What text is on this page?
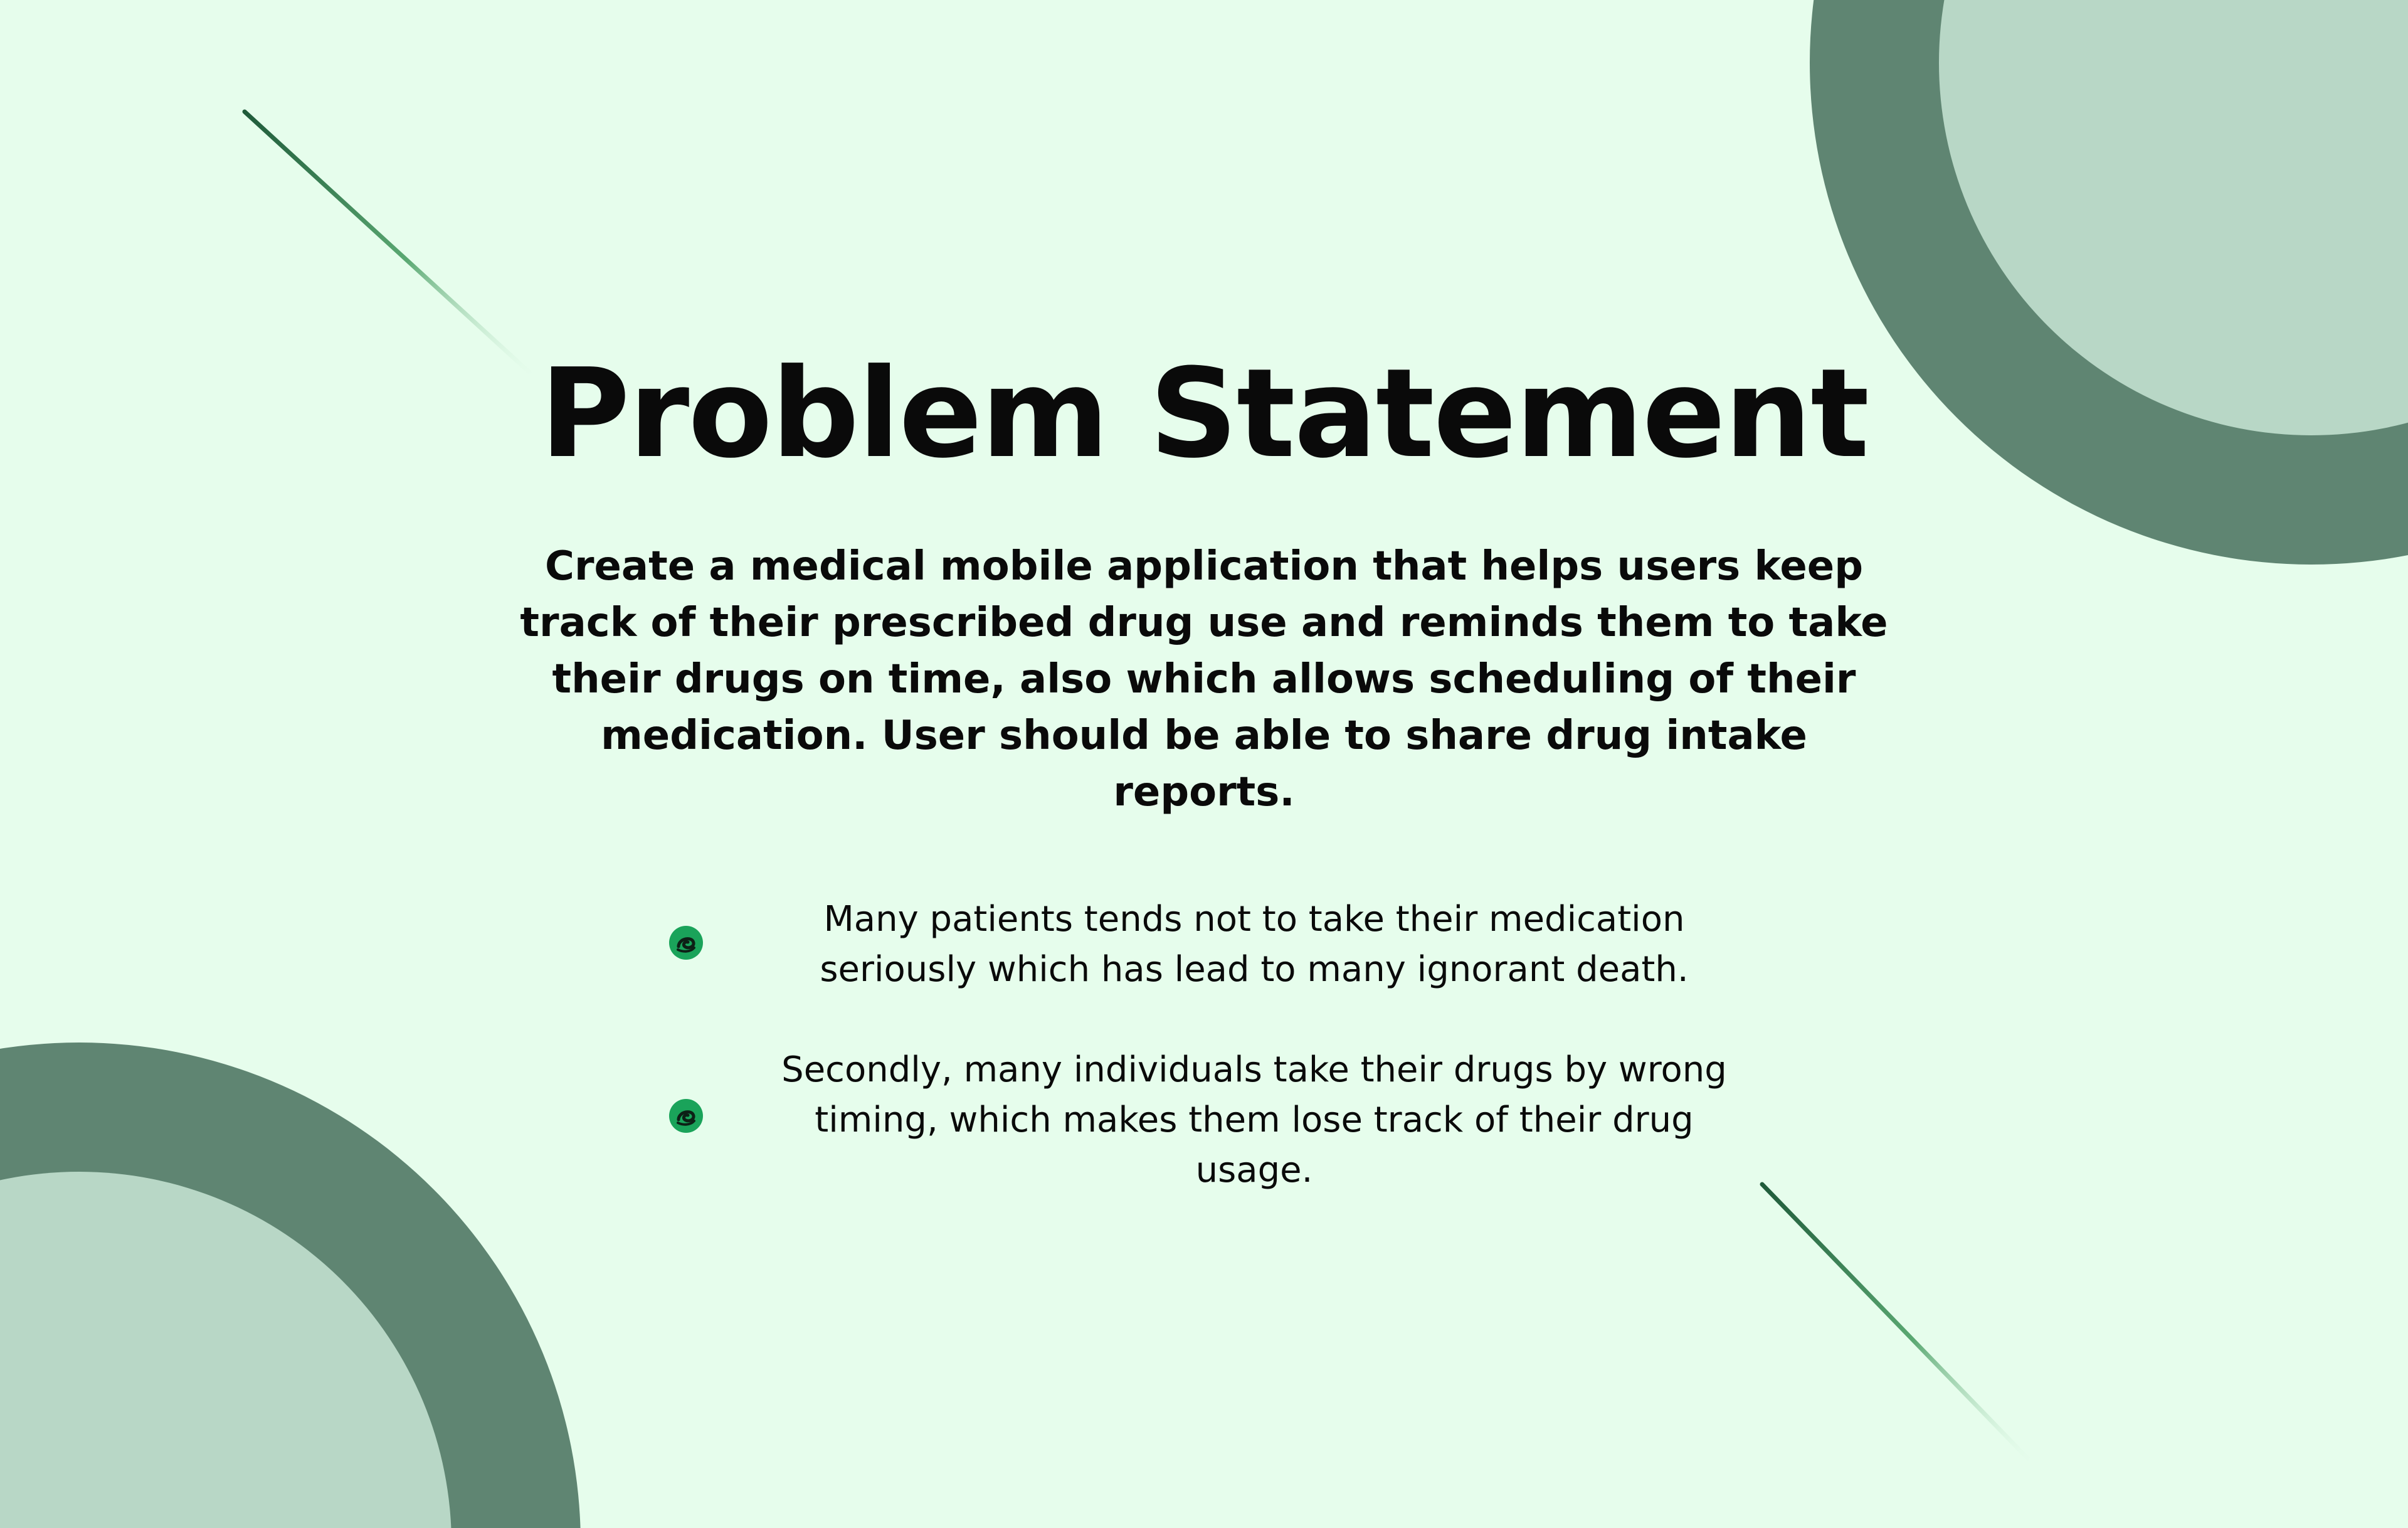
Problem Statement

Create a medical mobile application that helps users keep track of their prescribed drug use and reminds them to take their drugs on time, also which allows scheduling of their medication. User should be able to share drug intake reports.

Many patients tends not to take their medication seriously which has lead to many ignorant death.

Secondly, many individuals take their drugs by wrong timing, which makes them lose track of their drug usage.
